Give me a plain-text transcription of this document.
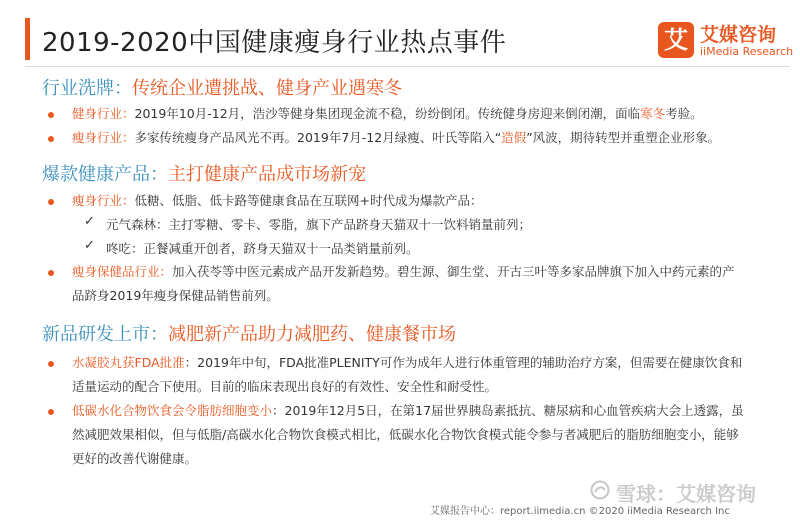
2019-2020中国健康瘦身行业热点事件	艾 艾媒咨询
iiMedia Research
行业洗牌：传统企业遭挑战、健身产业遇寒冬
健身行业：2019年10月-12月，浩沙等健身集团现金流不稳，纷纷倒闭。传统健身房迎来倒闭潮，面临寒冬考验。
瘦身行业：多家传统瘦身产品风光不再。2019年7月-12月绿瘦、叶氏等陷入“造假”风波，期待转型并重塑企业形象。
爆款健康产品：主打健康产品成市场新宠
瘦身行业：低糖、低脂、低卡路等健康食品在互联网+时代成为爆款产品：
✓ 元气森林：主打零糖、零卡、零脂，旗下产品跻身天猫双十一饮料销量前列；
✓ 咚吃：正餐减重开创者，跻身天猫双十一品类销量前列。
瘦身保健品行业：加入茯苓等中医元素成产品开发新趋势。碧生源、御生堂、开古三叶等多家品牌旗下加入中药元素的产
品跻身2019年瘦身保健品销售前列。
新品研发上市：减肥新产品助力减肥药、健康餐市场
水凝胶丸获FDA批准：2019年中旬，FDA批准PLENITY可作为成年人进行体重管理的辅助治疗方案，但需要在健康饮食和
适量运动的配合下使用。目前的临床表现出良好的有效性、安全性和耐受性。
低碳水化合物饮食会令脂肪细胞变小：2019年12月5日，在第17届世界胰岛素抵抗、糖尿病和心血管疾病大会上透露，虽
然减肥效果相似，但与低脂/高碳水化合物饮食模式相比，低碳水化合物饮食模式能令参与者减肥后的脂肪细胞变小，能够
更好的改善代谢健康。
雪球：艾媒咨询
艾媒报告中心：report.iimedia.cn ©2020 iiMedia Research Inc
